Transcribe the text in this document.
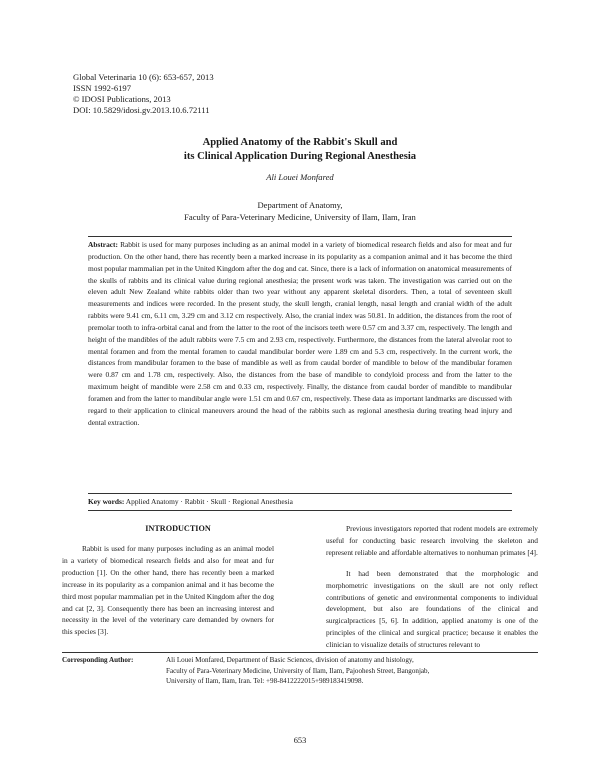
Global Veterinaria 10 (6): 653-657, 2013
ISSN 1992-6197
© IDOSI Publications, 2013
DOI: 10.5829/idosi.gv.2013.10.6.72111
Applied Anatomy of the Rabbit's Skull and
its Clinical Application During Regional Anesthesia
Ali Louei Monfared
Department of Anatomy,
Faculty of Para-Veterinary Medicine, University of Ilam, Ilam, Iran

Abstract: Rabbit is used for many purposes including as an animal model in a variety of biomedical research fields and also for meat and fur production. On the other hand, there has recently been a marked increase in its popularity as a companion animal and it has become the third most popular mammalian pet in the United Kingdom after the dog and cat. Since, there is a lack of information on anatomical measurements of the skulls of rabbits and its clinical value during regional anesthesia; the present work was taken. The investigation was carried out on the eleven adult New Zealand white rabbits older than two year without any apparent skeletal disorders. Then, a total of seventeen skull measurements and indices were recorded. In the present study, the skull length, cranial length, nasal length and cranial width of the adult rabbits were 9.41 cm, 6.11 cm, 3.29 cm and 3.12 cm respectively. Also, the cranial index was 50.81. In addition, the distances from the root of premolar tooth to infra-orbital canal and from the latter to the root of the incisors teeth were 0.57 cm and 3.37 cm, respectively. The length and height of the mandibles of the adult rabbits were 7.5 cm and 2.93 cm, respectively. Furthermore, the distances from the lateral alveolar root to mental foramen and from the mental foramen to caudal mandibular border were 1.89 cm and 5.3 cm, respectively. In the current work, the distances from mandibular foramen to the base of mandible as well as from caudal border of mandible to below of the mandibular foramen were 0.87 cm and 1.78 cm, respectively. Also, the distances from the base of mandible to condyloid process and from the latter to the maximum height of mandible were 2.58 cm and 0.33 cm, respectively. Finally, the distance from caudal border of mandible to mandibular foramen and from the latter to mandibular angle were 1.51 cm and 0.67 cm, respectively. These data as important landmarks are discussed with regard to their application to clinical maneuvers around the head of the rabbits such as regional anesthesia during treating head injury and dental extraction.

Key words: Applied Anatomy · Rabbit · Skull · Regional Anesthesia

INTRODUCTION

Rabbit is used for many purposes including as an animal model in a variety of biomedical research fields and also for meat and fur production [1]. On the other hand, there has recently been a marked increase in its popularity as a companion animal and it has become the third most popular mammalian pet in the United Kingdom after the dog and cat [2, 3]. Consequently there has been an increasing interest and necessity in the level of the veterinary care demanded by owners for this species [3].

Previous investigators reported that rodent models are extremely useful for conducting basic research involving the skeleton and represent reliable and affordable alternatives to nonhuman primates [4].

It had been demonstrated that the morphologic and morphometric investigations on the skull are not only reflect contributions of genetic and environmental components to individual development, but also are foundations of the clinical and surgicalpractices [5, 6]. In addition, applied anatomy is one of the principles of the clinical and surgical practice; because it enables the clinician to visualize details of structures relevant to

Corresponding Author:	Ali Louei Monfared, Department of Basic Sciences, division of anatomy and histology,
Faculty of Para-Veterinary Medicine, University of Ilam, Ilam, Pajoohesh Street, Bangonjab,
University of Ilam, Ilam, Iran. Tel: +98-8412222015+989183419098.
653
